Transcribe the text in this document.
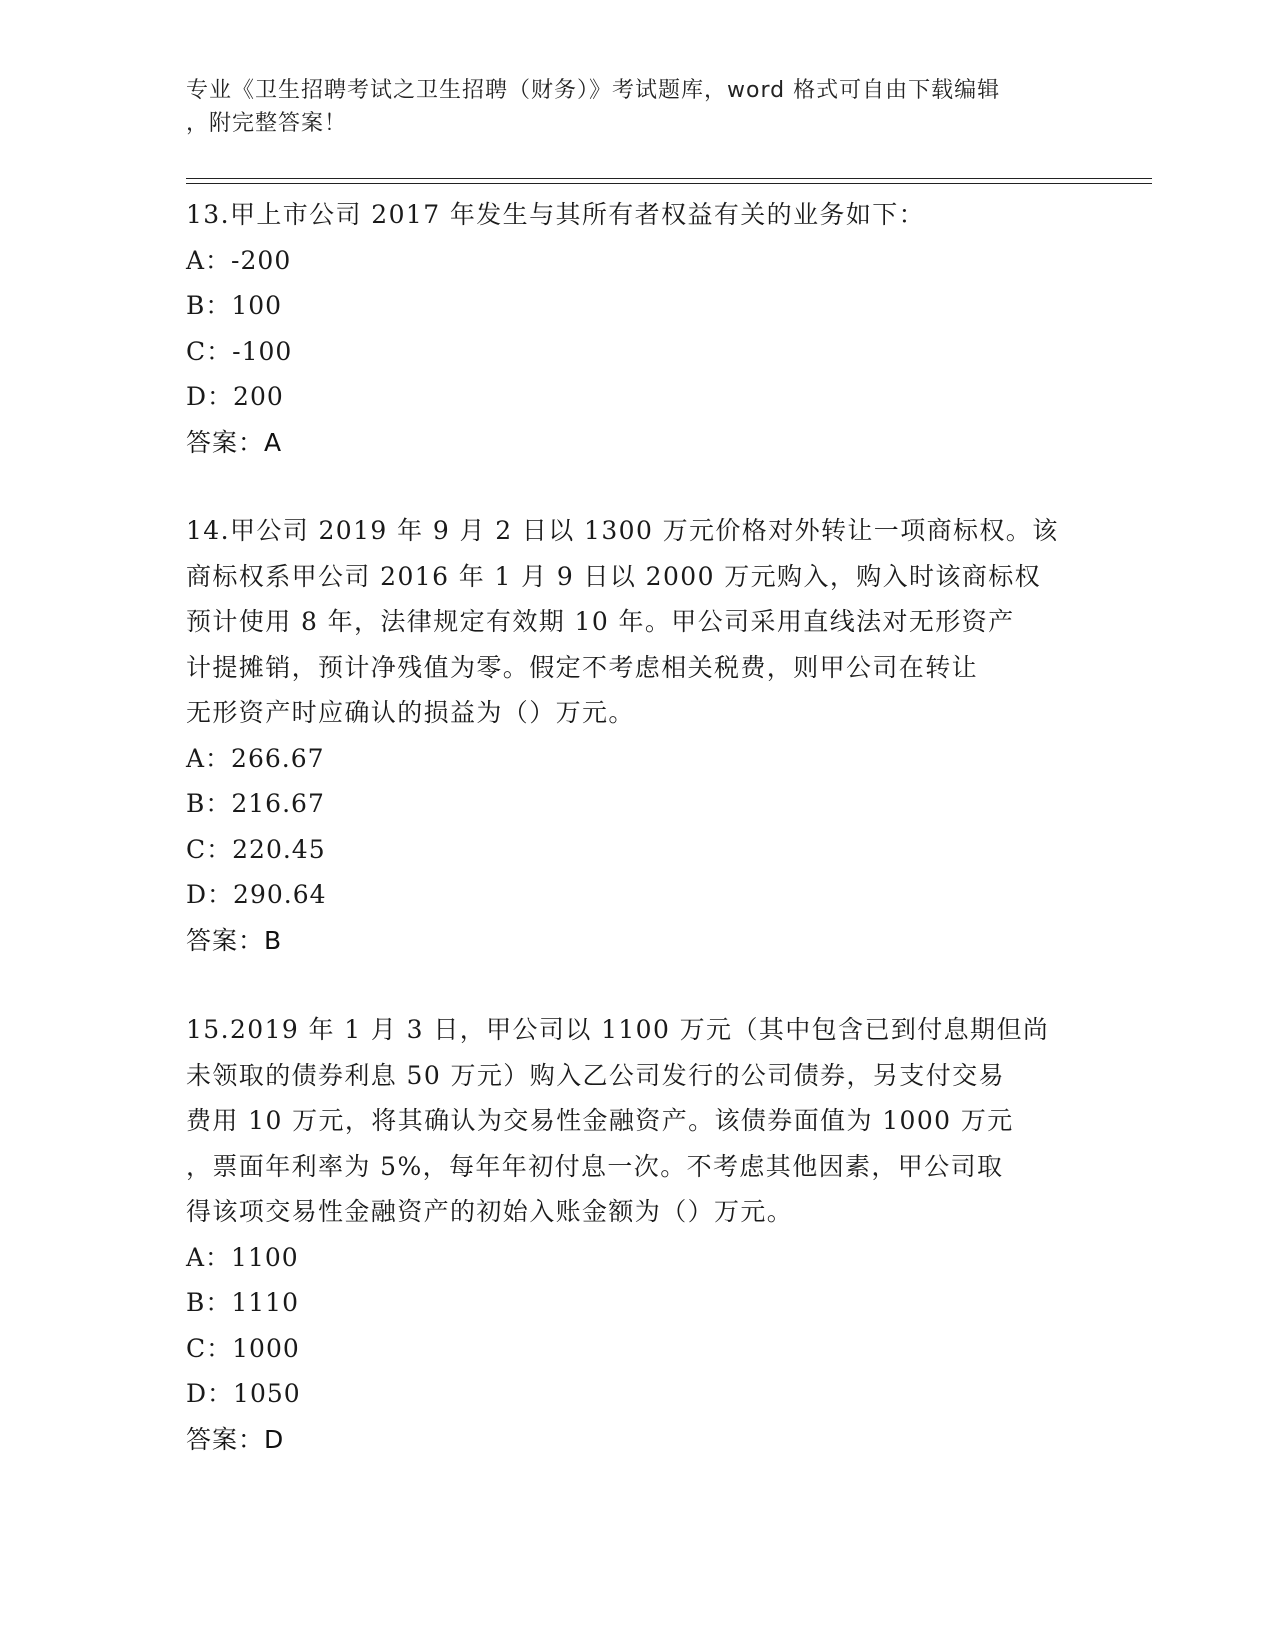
专业《卫生招聘考试之卫生招聘（财务）》考试题库，word 格式可自由下载编辑
，附完整答案！

13.甲上市公司 2017 年发生与其所有者权益有关的业务如下：

A：-200

B：100

C：-100

D：200

答案：A

14.甲公司 2019 年 9 月 2 日以 1300 万元价格对外转让一项商标权。该

商标权系甲公司 2016 年 1 月 9 日以 2000 万元购入，购入时该商标权

预计使用 8 年，法律规定有效期 10 年。甲公司采用直线法对无形资产

计提摊销，预计净残值为零。假定不考虑相关税费，则甲公司在转让

无形资产时应确认的损益为（）万元。

A：266.67

B：216.67

C：220.45

D：290.64

答案：B

15.2019 年 1 月 3 日，甲公司以 1100 万元（其中包含已到付息期但尚

未领取的债券利息 50 万元）购入乙公司发行的公司债券，另支付交易

费用 10 万元，将其确认为交易性金融资产。该债券面值为 1000 万元

，票面年利率为 5%，每年年初付息一次。不考虑其他因素，甲公司取

得该项交易性金融资产的初始入账金额为（）万元。

A：1100

B：1110

C：1000

D：1050

答案：D
